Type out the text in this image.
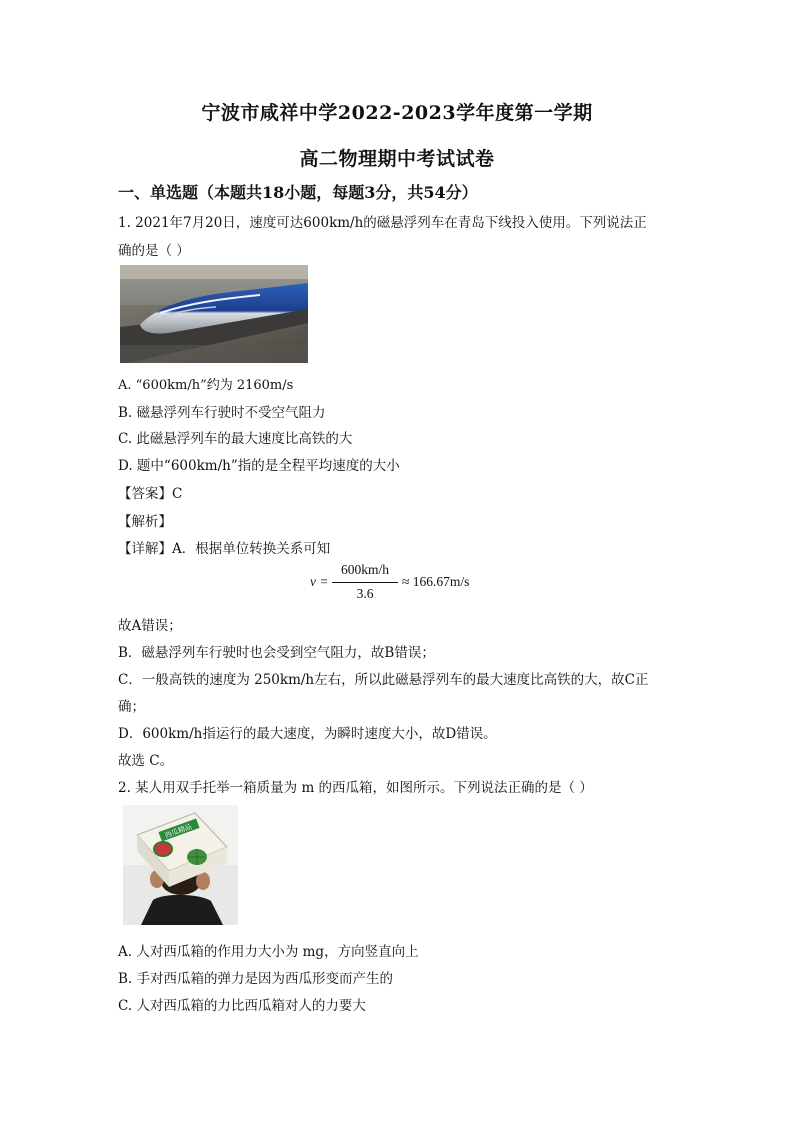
宁波市咸祥中学2022-2023学年度第一学期
高二物理期中考试试卷
一、单选题（本题共18小题，每题3分，共54分）
1. 2021年7月20日，速度可达600km/h的磁悬浮列车在青岛下线投入使用。下列说法正
确的是（ ）
A. “600km/h”约为 2160m/s
B. 磁悬浮列车行驶时不受空气阻力
C. 此磁悬浮列车的最大速度比高铁的大
D. 题中“600km/h”指的是全程平均速度的大小
【答案】C
【解析】
【详解】A．根据单位转换关系可知
v =
600km/h
3.6
≈ 166.67m/s
故A错误；
B．磁悬浮列车行驶时也会受到空气阻力，故B错误；
C．一般高铁的速度为 250km/h左右，所以此磁悬浮列车的最大速度比高铁的大，故C正
确；
D．600km/h指运行的最大速度，为瞬时速度大小，故D错误。
故选 C。
2. 某人用双手托举一箱质量为 m 的西瓜箱，如图所示。下列说法正确的是（ ）
西瓜精品
A. 人对西瓜箱的作用力大小为 mg，方向竖直向上
B. 手对西瓜箱的弹力是因为西瓜形变而产生的
C. 人对西瓜箱的力比西瓜箱对人的力要大
